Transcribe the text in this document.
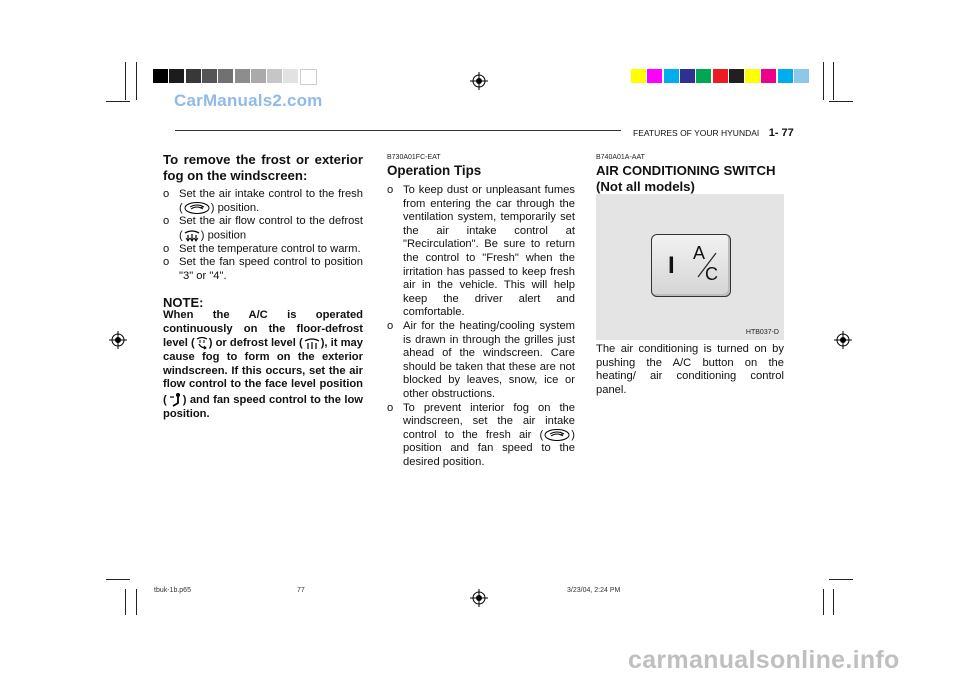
CarManuals2.com
FEATURES OF YOUR HYUNDAI 1- 77

To remove the frost or exterior fog on the windscreen:

o Set the air intake control to the fresh (	) position.

o Set the air flow control to the defrost ( ) position

o Set the temperature control to warm.

o Set the fan speed control to position "3" or "4".

NOTE:

When the A/C is operated continuously on the floor-defrost level ( ) or defrost level ( ), it may cause fog to form on the exterior windscreen. If this occurs, set the air flow control to the face level position ( ) and fan speed control to the low position.

B730A01FC-EAT

Operation Tips

o To keep dust or unpleasant fumes from entering the car through the ventilation system, temporarily set the air intake control at "Recirculation". Be sure to return the control to "Fresh" when the irritation has passed to keep fresh air in the vehicle. This will help keep the driver alert and comfortable.

o Air for the heating/cooling system is drawn in through the grilles just ahead of the windscreen. Care should be taken that these are not blocked by leaves, snow, ice or other obstructions.

o To prevent interior fog on the windscreen, set the air intake control to the fresh air (	) position and fan speed to the desired position.

B740A01A-AAT

AIR CONDITIONING SWITCH

(Not all models)

I A
C
HTB037-D

The air conditioning is turned on by pushing the A/C button on the heating/ air conditioning control panel.

tbuk-1b.p65	77	3/23/04, 2:24 PM
carmanualsonline.info
